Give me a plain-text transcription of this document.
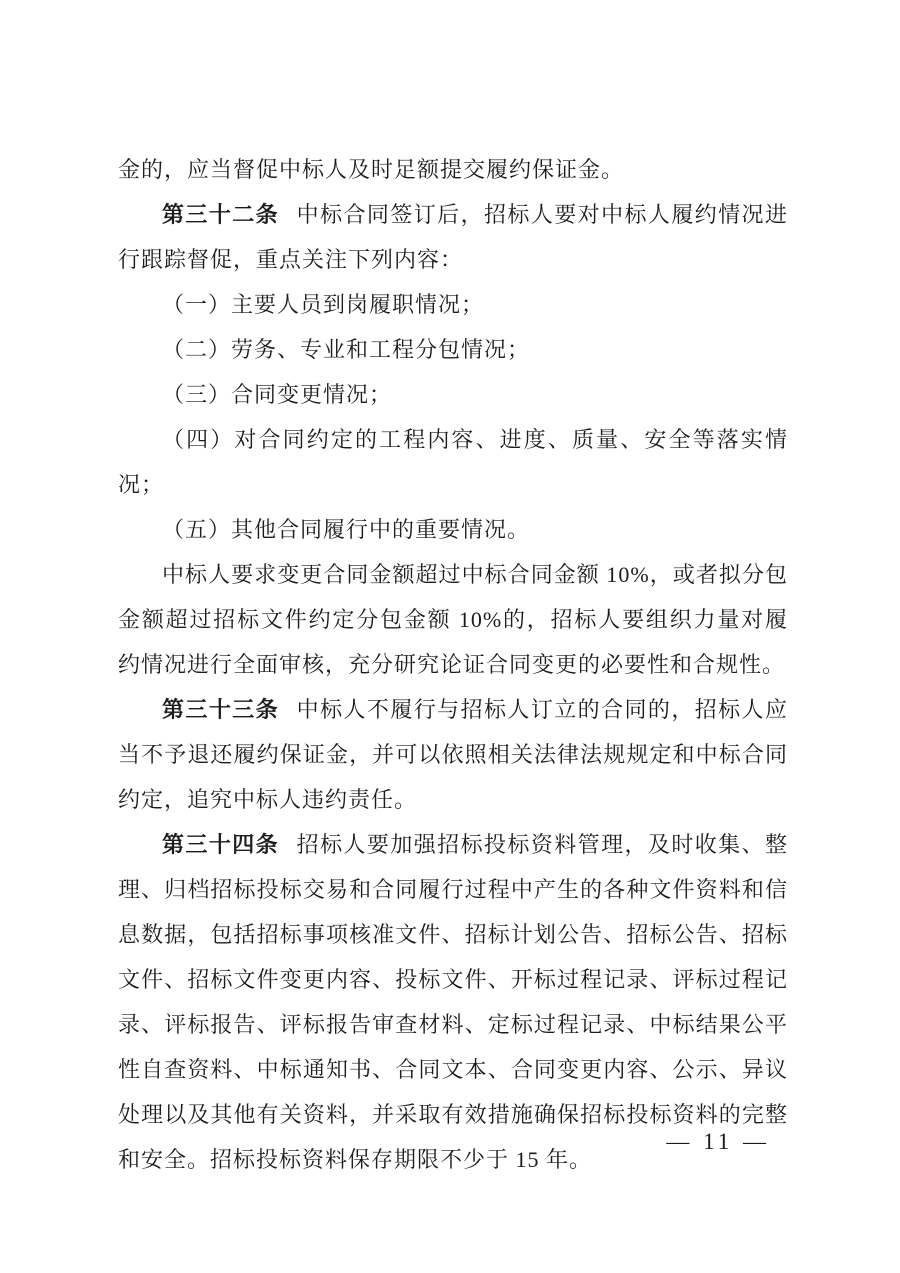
金的，应当督促中标人及时足额提交履约保证金。

第三十二条 中标合同签订后，招标人要对中标人履约情况进行跟踪督促，重点关注下列内容：

（一）主要人员到岗履职情况；

（二）劳务、专业和工程分包情况；

（三）合同变更情况；

（四）对合同约定的工程内容、进度、质量、安全等落实情况；

（五）其他合同履行中的重要情况。

中标人要求变更合同金额超过中标合同金额 10%，或者拟分包金额超过招标文件约定分包金额 10%的，招标人要组织力量对履约情况进行全面审核，充分研究论证合同变更的必要性和合规性。

第三十三条 中标人不履行与招标人订立的合同的，招标人应当不予退还履约保证金，并可以依照相关法律法规规定和中标合同约定，追究中标人违约责任。

第三十四条 招标人要加强招标投标资料管理，及时收集、整理、归档招标投标交易和合同履行过程中产生的各种文件资料和信息数据，包括招标事项核准文件、招标计划公告、招标公告、招标文件、招标文件变更内容、投标文件、开标过程记录、评标过程记录、评标报告、评标报告审查材料、定标过程记录、中标结果公平性自查资料、中标通知书、合同文本、合同变更内容、公示、异议处理以及其他有关资料，并采取有效措施确保招标投标资料的完整和安全。招标投标资料保存期限不少于 15 年。

— 11 —
